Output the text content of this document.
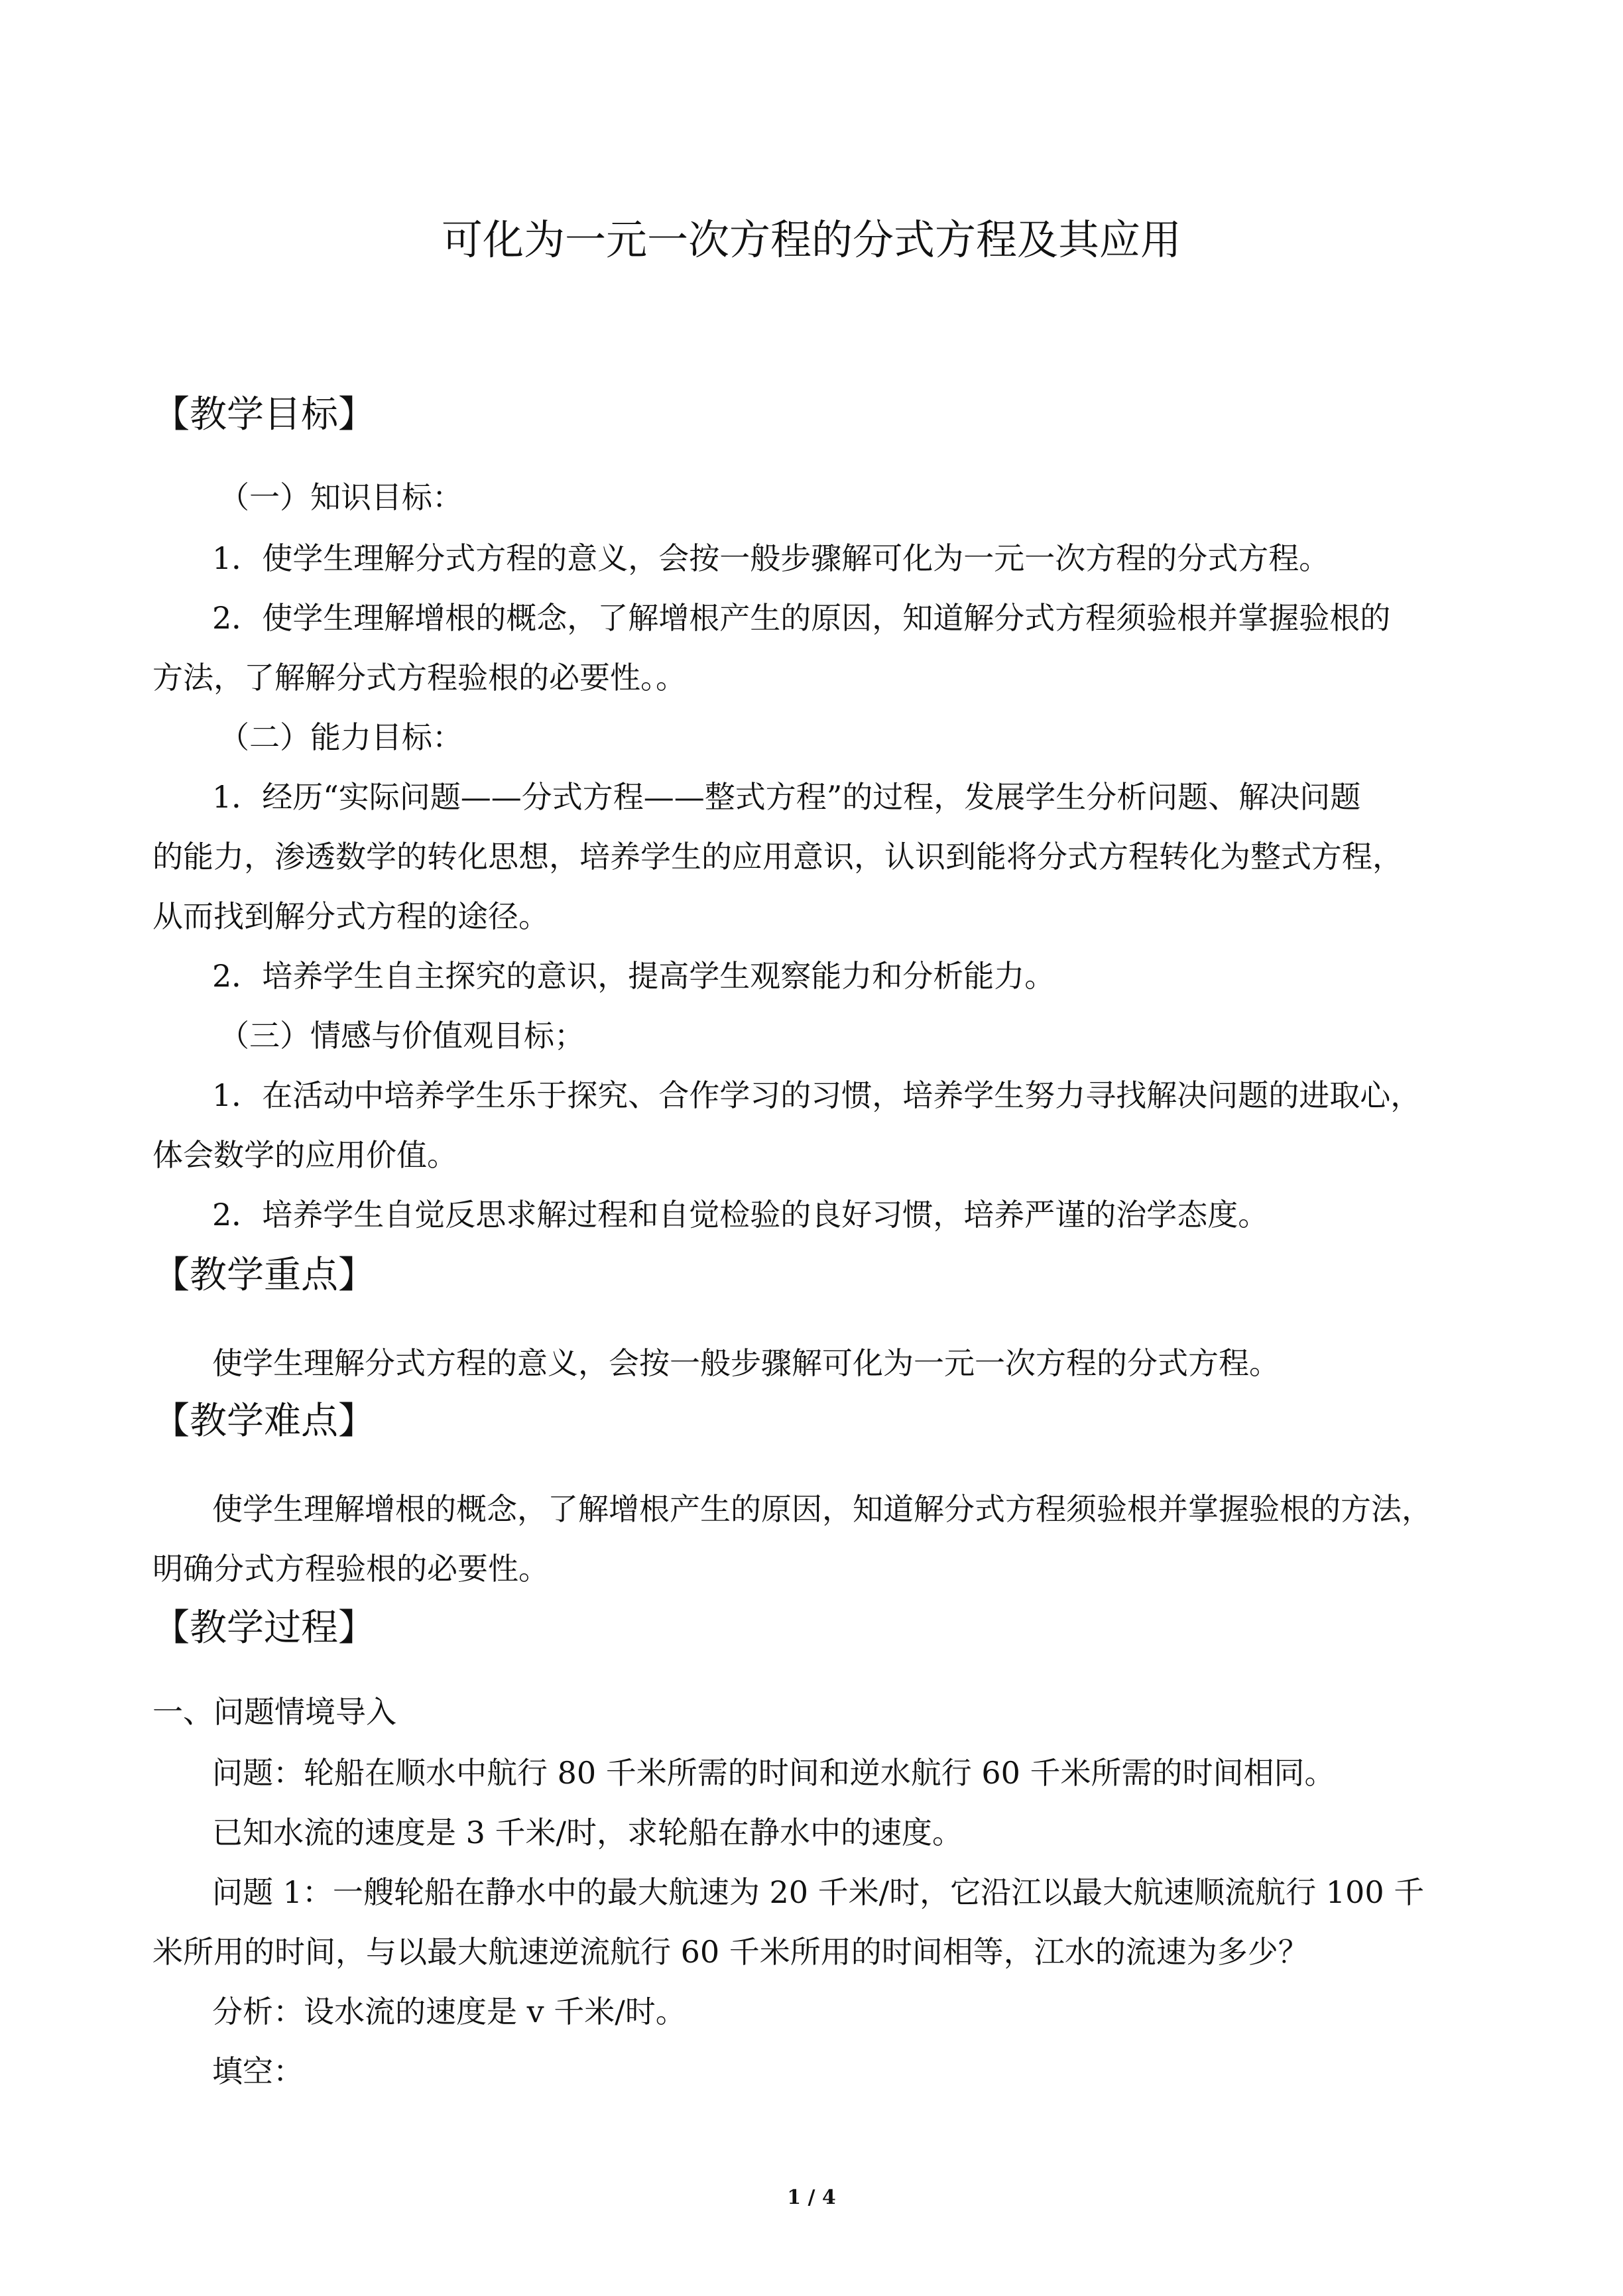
可化为一元一次方程的分式方程及其应用
【教学目标】
（一）知识目标：
1．使学生理解分式方程的意义，会按一般步骤解可化为一元一次方程的分式方程。
2．使学生理解增根的概念，了解增根产生的原因，知道解分式方程须验根并掌握验根的
方法，了解解分式方程验根的必要性。。
（二）能力目标：
1．经历“实际问题——分式方程——整式方程”的过程，发展学生分析问题、解决问题
的能力，渗透数学的转化思想，培养学生的应用意识，认识到能将分式方程转化为整式方程，
从而找到解分式方程的途径。
2．培养学生自主探究的意识，提高学生观察能力和分析能力。
（三）情感与价值观目标；
1．在活动中培养学生乐于探究、合作学习的习惯，培养学生努力寻找解决问题的进取心，
体会数学的应用价值。
2．培养学生自觉反思求解过程和自觉检验的良好习惯，培养严谨的治学态度。
【教学重点】
使学生理解分式方程的意义，会按一般步骤解可化为一元一次方程的分式方程。
【教学难点】
使学生理解增根的概念，了解增根产生的原因，知道解分式方程须验根并掌握验根的方法，
明确分式方程验根的必要性。
【教学过程】
一、问题情境导入
问题：轮船在顺水中航行 80 千米所需的时间和逆水航行 60 千米所需的时间相同。
已知水流的速度是 3 千米/时，求轮船在静水中的速度。
问题 1：一艘轮船在静水中的最大航速为 20 千米/时，它沿江以最大航速顺流航行 100 千
米所用的时间，与以最大航速逆流航行 60 千米所用的时间相等，江水的流速为多少？
分析：设水流的速度是 v 千米/时。
填空：
1 / 4
